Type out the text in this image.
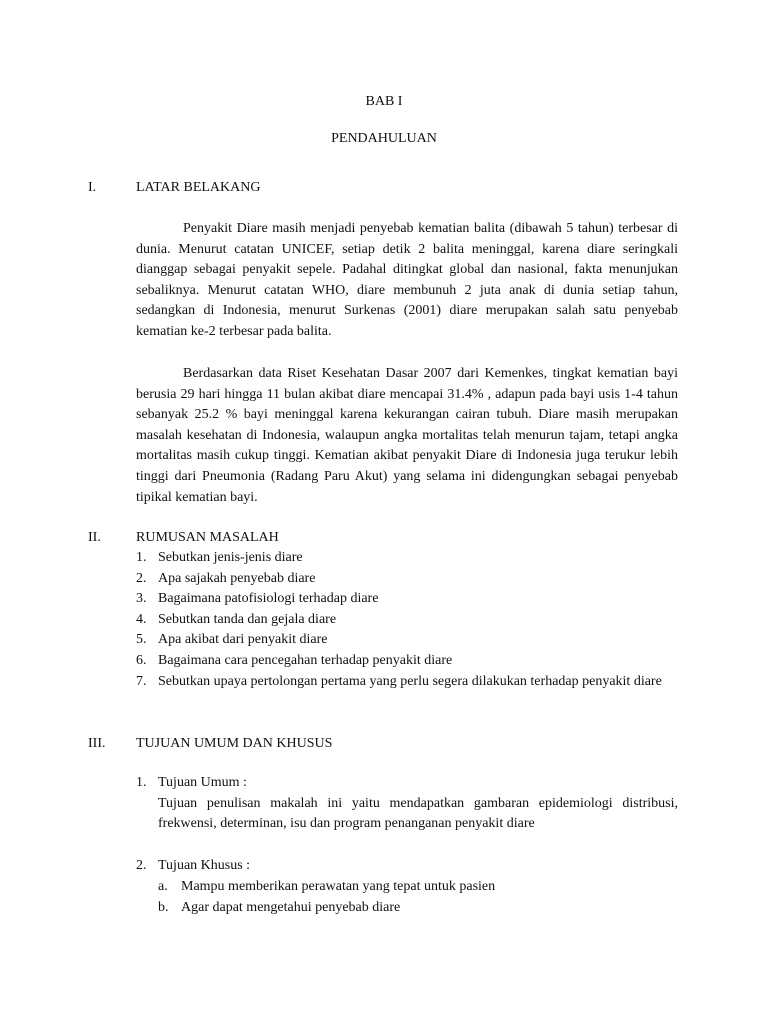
BAB I
PENDAHULUAN
I.	LATAR BELAKANG

Penyakit Diare masih menjadi penyebab kematian balita (dibawah 5 tahun) terbesar di dunia. Menurut catatan UNICEF, setiap detik 2 balita meninggal, karena diare seringkali dianggap sebagai penyakit sepele. Padahal ditingkat global dan nasional, fakta menunjukan sebaliknya. Menurut catatan WHO, diare membunuh 2 juta anak di dunia setiap tahun, sedangkan di Indonesia, menurut Surkenas (2001) diare merupakan salah satu penyebab kematian ke-2 terbesar pada balita.

Berdasarkan data Riset Kesehatan Dasar 2007 dari Kemenkes, tingkat kematian bayi berusia 29 hari hingga 11 bulan akibat diare mencapai 31.4% , adapun pada bayi usis 1-4 tahun sebanyak 25.2 % bayi meninggal karena kekurangan cairan tubuh. Diare masih merupakan masalah kesehatan di Indonesia, walaupun angka mortalitas telah menurun tajam, tetapi angka mortalitas masih cukup tinggi. Kematian akibat penyakit Diare di Indonesia juga terukur lebih tinggi dari Pneumonia (Radang Paru Akut) yang selama ini didengungkan sebagai penyebab tipikal kematian bayi.

II.	RUMUSAN MASALAH
1. Sebutkan jenis-jenis diare
2. Apa sajakah penyebab diare
3. Bagaimana patofisiologi terhadap diare
4. Sebutkan tanda dan gejala diare
5. Apa akibat dari penyakit diare
6. Bagaimana cara pencegahan terhadap penyakit diare
7. Sebutkan upaya pertolongan pertama yang perlu segera dilakukan terhadap penyakit diare
III. TUJUAN UMUM DAN KHUSUS
1. Tujuan Umum :
Tujuan penulisan makalah ini yaitu mendapatkan gambaran epidemiologi distribusi, frekwensi, determinan, isu dan program penanganan penyakit diare
2. Tujuan Khusus :
a. Mampu memberikan perawatan yang tepat untuk pasien
b. Agar dapat mengetahui penyebab diare
